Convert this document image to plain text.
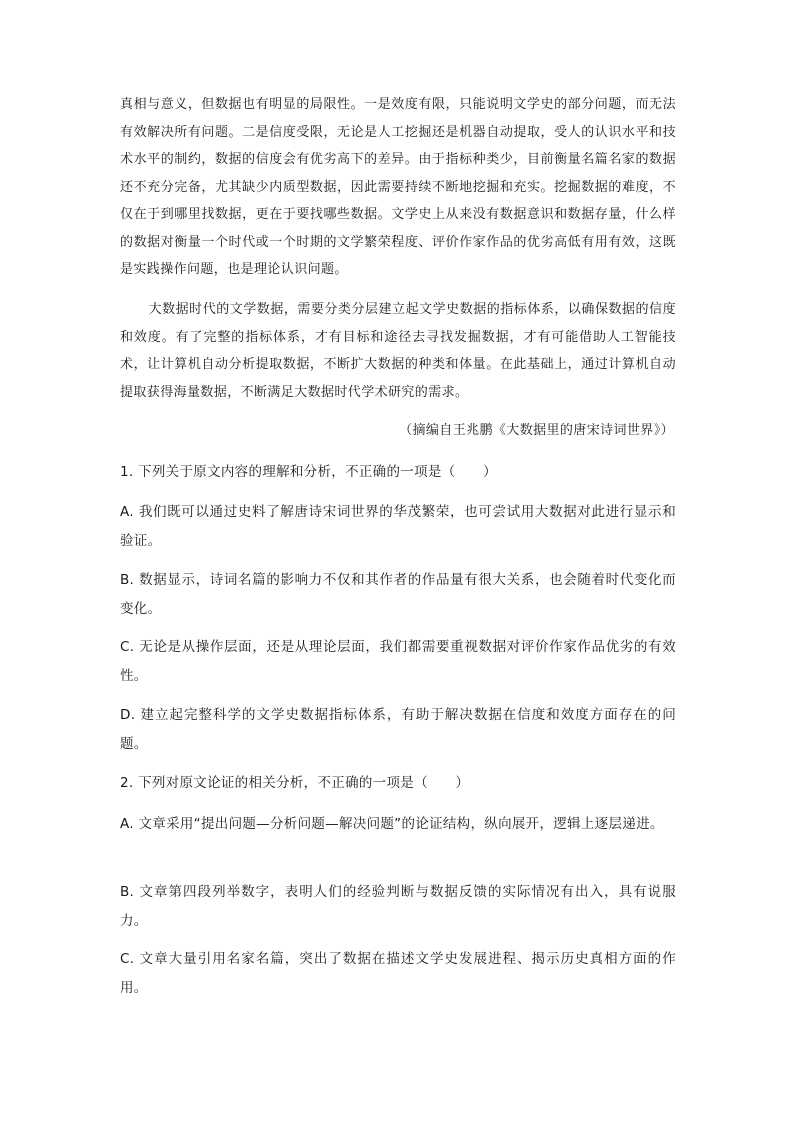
真相与意义，但数据也有明显的局限性。一是效度有限，只能说明文学史的部分问题，而无法有效解决所有问题。二是信度受限，无论是人工挖掘还是机器自动提取，受人的认识水平和技术水平的制约，数据的信度会有优劣高下的差异。由于指标种类少，目前衡量名篇名家的数据还不充分完备，尤其缺少内质型数据，因此需要持续不断地挖掘和充实。挖掘数据的难度，不仅在于到哪里找数据，更在于要找哪些数据。文学史上从来没有数据意识和数据存量，什么样的数据对衡量一个时代或一个时期的文学繁荣程度、评价作家作品的优劣高低有用有效，这既是实践操作问题，也是理论认识问题。
大数据时代的文学数据，需要分类分层建立起文学史数据的指标体系，以确保数据的信度和效度。有了完整的指标体系，才有目标和途径去寻找发掘数据，才有可能借助人工智能技术，让计算机自动分析提取数据，不断扩大数据的种类和体量。在此基础上，通过计算机自动提取获得海量数据，不断满足大数据时代学术研究的需求。
（摘编自王兆鹏《大数据里的唐宋诗词世界》）
1. 下列关于原文内容的理解和分析，不正确的一项是（　　）
A. 我们既可以通过史料了解唐诗宋词世界的华茂繁荣，也可尝试用大数据对此进行显示和验证。
B. 数据显示，诗词名篇的影响力不仅和其作者的作品量有很大关系，也会随着时代变化而变化。
C. 无论是从操作层面，还是从理论层面，我们都需要重视数据对评价作家作品优劣的有效性。
D. 建立起完整科学的文学史数据指标体系，有助于解决数据在信度和效度方面存在的问题。
2. 下列对原文论证的相关分析，不正确的一项是（　　）
A. 文章采用“提出问题—分析问题—解决问题”的论证结构，纵向展开，逻辑上逐层递进。
B. 文章第四段列举数字，表明人们的经验判断与数据反馈的实际情况有出入，具有说服力。
C. 文章大量引用名家名篇，突出了数据在描述文学史发展进程、揭示历史真相方面的作用。
